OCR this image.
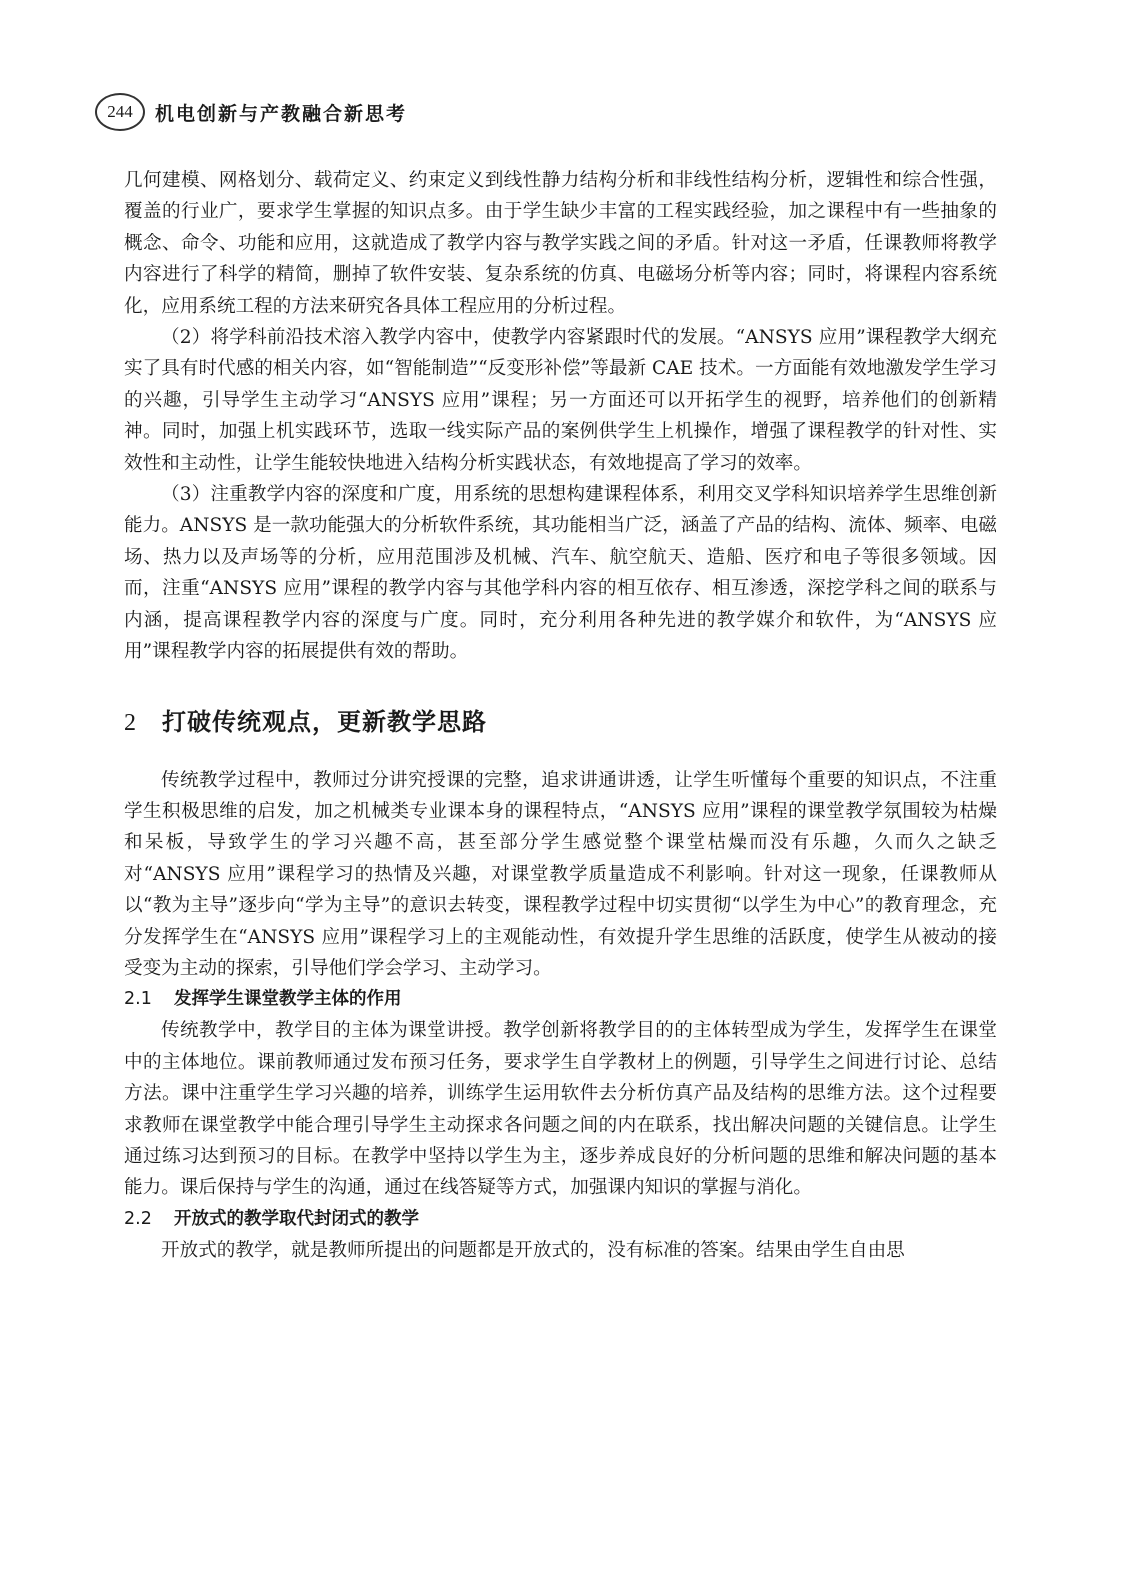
244	机电创新与产教融合新思考

几何建模、网格划分、载荷定义、约束定义到线性静力结构分析和非线性结构分析，逻辑性和综合性强，覆盖的行业广，要求学生掌握的知识点多。由于学生缺少丰富的工程实践经验，加之课程中有一些抽象的概念、命令、功能和应用，这就造成了教学内容与教学实践之间的矛盾。针对这一矛盾，任课教师将教学内容进行了科学的精简，删掉了软件安装、复杂系统的仿真、电磁场分析等内容；同时，将课程内容系统化，应用系统工程的方法来研究各具体工程应用的分析过程。

（2）将学科前沿技术溶入教学内容中，使教学内容紧跟时代的发展。“ANSYS 应用”课程教学大纲充实了具有时代感的相关内容，如“智能制造”“反变形补偿”等最新 CAE 技术。一方面能有效地激发学生学习的兴趣，引导学生主动学习“ANSYS 应用”课程；另一方面还可以开拓学生的视野，培养他们的创新精神。同时，加强上机实践环节，选取一线实际产品的案例供学生上机操作，增强了课程教学的针对性、实效性和主动性，让学生能较快地进入结构分析实践状态，有效地提高了学习的效率。

（3）注重教学内容的深度和广度，用系统的思想构建课程体系，利用交叉学科知识培养学生思维创新能力。ANSYS 是一款功能强大的分析软件系统，其功能相当广泛，涵盖了产品的结构、流体、频率、电磁场、热力以及声场等的分析，应用范围涉及机械、汽车、航空航天、造船、医疗和电子等很多领域。因而，注重“ANSYS 应用”课程的教学内容与其他学科内容的相互依存、相互渗透，深挖学科之间的联系与内涵，提高课程教学内容的深度与广度。同时，充分利用各种先进的教学媒介和软件，为“ANSYS 应用”课程教学内容的拓展提供有效的帮助。

2	打破传统观点，更新教学思路

传统教学过程中，教师过分讲究授课的完整，追求讲通讲透，让学生听懂每个重要的知识点，不注重学生积极思维的启发，加之机械类专业课本身的课程特点，“ANSYS 应用”课程的课堂教学氛围较为枯燥和呆板，导致学生的学习兴趣不高，甚至部分学生感觉整个课堂枯燥而没有乐趣，久而久之缺乏对“ANSYS 应用”课程学习的热情及兴趣，对课堂教学质量造成不利影响。针对这一现象，任课教师从以“教为主导”逐步向“学为主导”的意识去转变，课程教学过程中切实贯彻“以学生为中心”的教育理念，充分发挥学生在“ANSYS 应用”课程学习上的主观能动性，有效提升学生思维的活跃度，使学生从被动的接受变为主动的探索，引导他们学会学习、主动学习。

2.1	发挥学生课堂教学主体的作用

传统教学中，教学目的主体为课堂讲授。教学创新将教学目的的主体转型成为学生，发挥学生在课堂中的主体地位。课前教师通过发布预习任务，要求学生自学教材上的例题，引导学生之间进行讨论、总结方法。课中注重学生学习兴趣的培养，训练学生运用软件去分析仿真产品及结构的思维方法。这个过程要求教师在课堂教学中能合理引导学生主动探求各问题之间的内在联系，找出解决问题的关键信息。让学生通过练习达到预习的目标。在教学中坚持以学生为主，逐步养成良好的分析问题的思维和解决问题的基本能力。课后保持与学生的沟通，通过在线答疑等方式，加强课内知识的掌握与消化。

2.2	开放式的教学取代封闭式的教学

开放式的教学，就是教师所提出的问题都是开放式的，没有标准的答案。结果由学生自由思
